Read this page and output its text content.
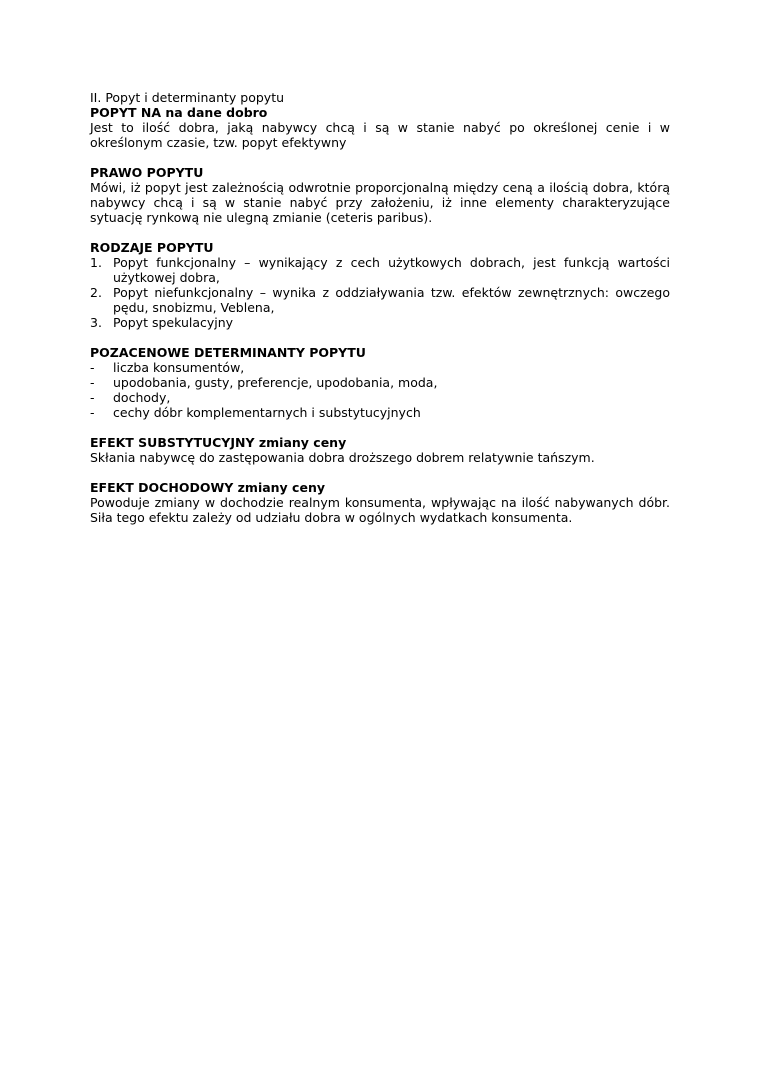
II. Popyt i determinanty popytu

POPYT NA na dane dobro

Jest to ilość dobra, jaką nabywcy chcą i są w stanie nabyć po określonej cenie i w określonym czasie, tzw. popyt efektywny

PRAWO POPYTU

Mówi, iż popyt jest zależnością odwrotnie proporcjonalną między ceną a ilością dobra, którą nabywcy chcą i są w stanie nabyć przy założeniu, iż inne elementy charakteryzujące sytuację rynkową nie ulegną zmianie (ceteris paribus).

RODZAJE POPYTU

1. Popyt funkcjonalny – wynikający z cech użytkowych dobrach, jest funkcją wartości użytkowej dobra,
2. Popyt niefunkcjonalny – wynika z oddziaływania tzw. efektów zewnętrznych: owczego pędu, snobizmu, Veblena,
3. Popyt spekulacyjny

POZACENOWE DETERMINANTY POPYTU

- liczba konsumentów,
- upodobania, gusty, preferencje, upodobania, moda,
- dochody,
- cechy dóbr komplementarnych i substytucyjnych

EFEKT SUBSTYTUCYJNY zmiany ceny

Skłania nabywcę do zastępowania dobra droższego dobrem relatywnie tańszym.

EFEKT DOCHODOWY zmiany ceny

Powoduje zmiany w dochodzie realnym konsumenta, wpływając na ilość nabywanych dóbr. Siła tego efektu zależy od udziału dobra w ogólnych wydatkach konsumenta.
